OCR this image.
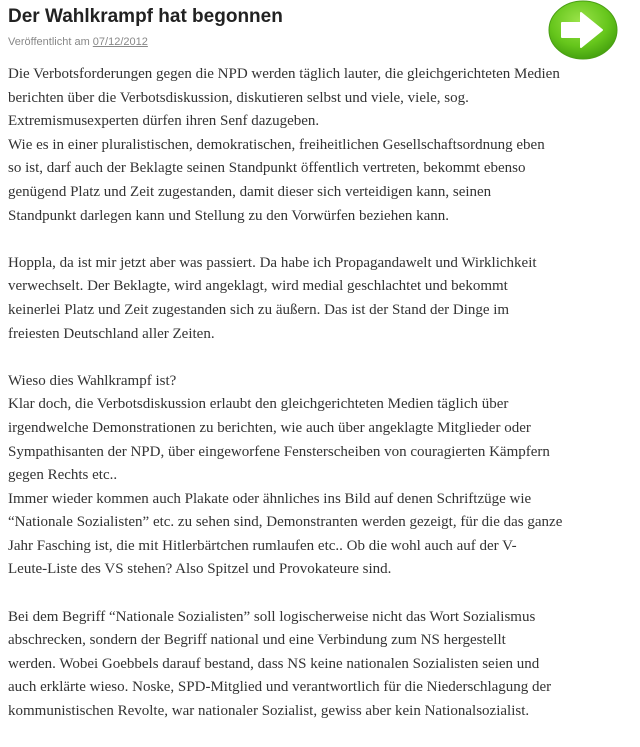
Der Wahlkrampf hat begonnen
Veröffentlicht am 07/12/2012

Die Verbotsforderungen gegen die NPD werden täglich lauter, die gleichgerichteten Medien
berichten über die Verbotsdiskussion, diskutieren selbst und viele, viele, sog.
Extremismusexperten dürfen ihren Senf dazugeben.
Wie es in einer pluralistischen, demokratischen, freiheitlichen Gesellschaftsordnung eben
so ist, darf auch der Beklagte seinen Standpunkt öffentlich vertreten, bekommt ebenso
genügend Platz und Zeit zugestanden, damit dieser sich verteidigen kann, seinen
Standpunkt darlegen kann und Stellung zu den Vorwürfen beziehen kann.

Hoppla, da ist mir jetzt aber was passiert. Da habe ich Propagandawelt und Wirklichkeit
verwechselt. Der Beklagte, wird angeklagt, wird medial geschlachtet und bekommt
keinerlei Platz und Zeit zugestanden sich zu äußern. Das ist der Stand der Dinge im
freiesten Deutschland aller Zeiten.

Wieso dies Wahlkrampf ist?
Klar doch, die Verbotsdiskussion erlaubt den gleichgerichteten Medien täglich über
irgendwelche Demonstrationen zu berichten, wie auch über angeklagte Mitglieder oder
Sympathisanten der NPD, über eingeworfene Fensterscheiben von couragierten Kämpfern
gegen Rechts etc..
Immer wieder kommen auch Plakate oder ähnliches ins Bild auf denen Schriftzüge wie
“Nationale Sozialisten” etc. zu sehen sind, Demonstranten werden gezeigt, für die das ganze
Jahr Fasching ist, die mit Hitlerbärtchen rumlaufen etc.. Ob die wohl auch auf der V-
Leute-Liste des VS stehen? Also Spitzel und Provokateure sind.

Bei dem Begriff “Nationale Sozialisten” soll logischerweise nicht das Wort Sozialismus
abschrecken, sondern der Begriff national und eine Verbindung zum NS hergestellt
werden. Wobei Goebbels darauf bestand, dass NS keine nationalen Sozialisten seien und
auch erklärte wieso. Noske, SPD-Mitglied und verantwortlich für die Niederschlagung der
kommunistischen Revolte, war nationaler Sozialist, gewiss aber kein Nationalsozialist.
